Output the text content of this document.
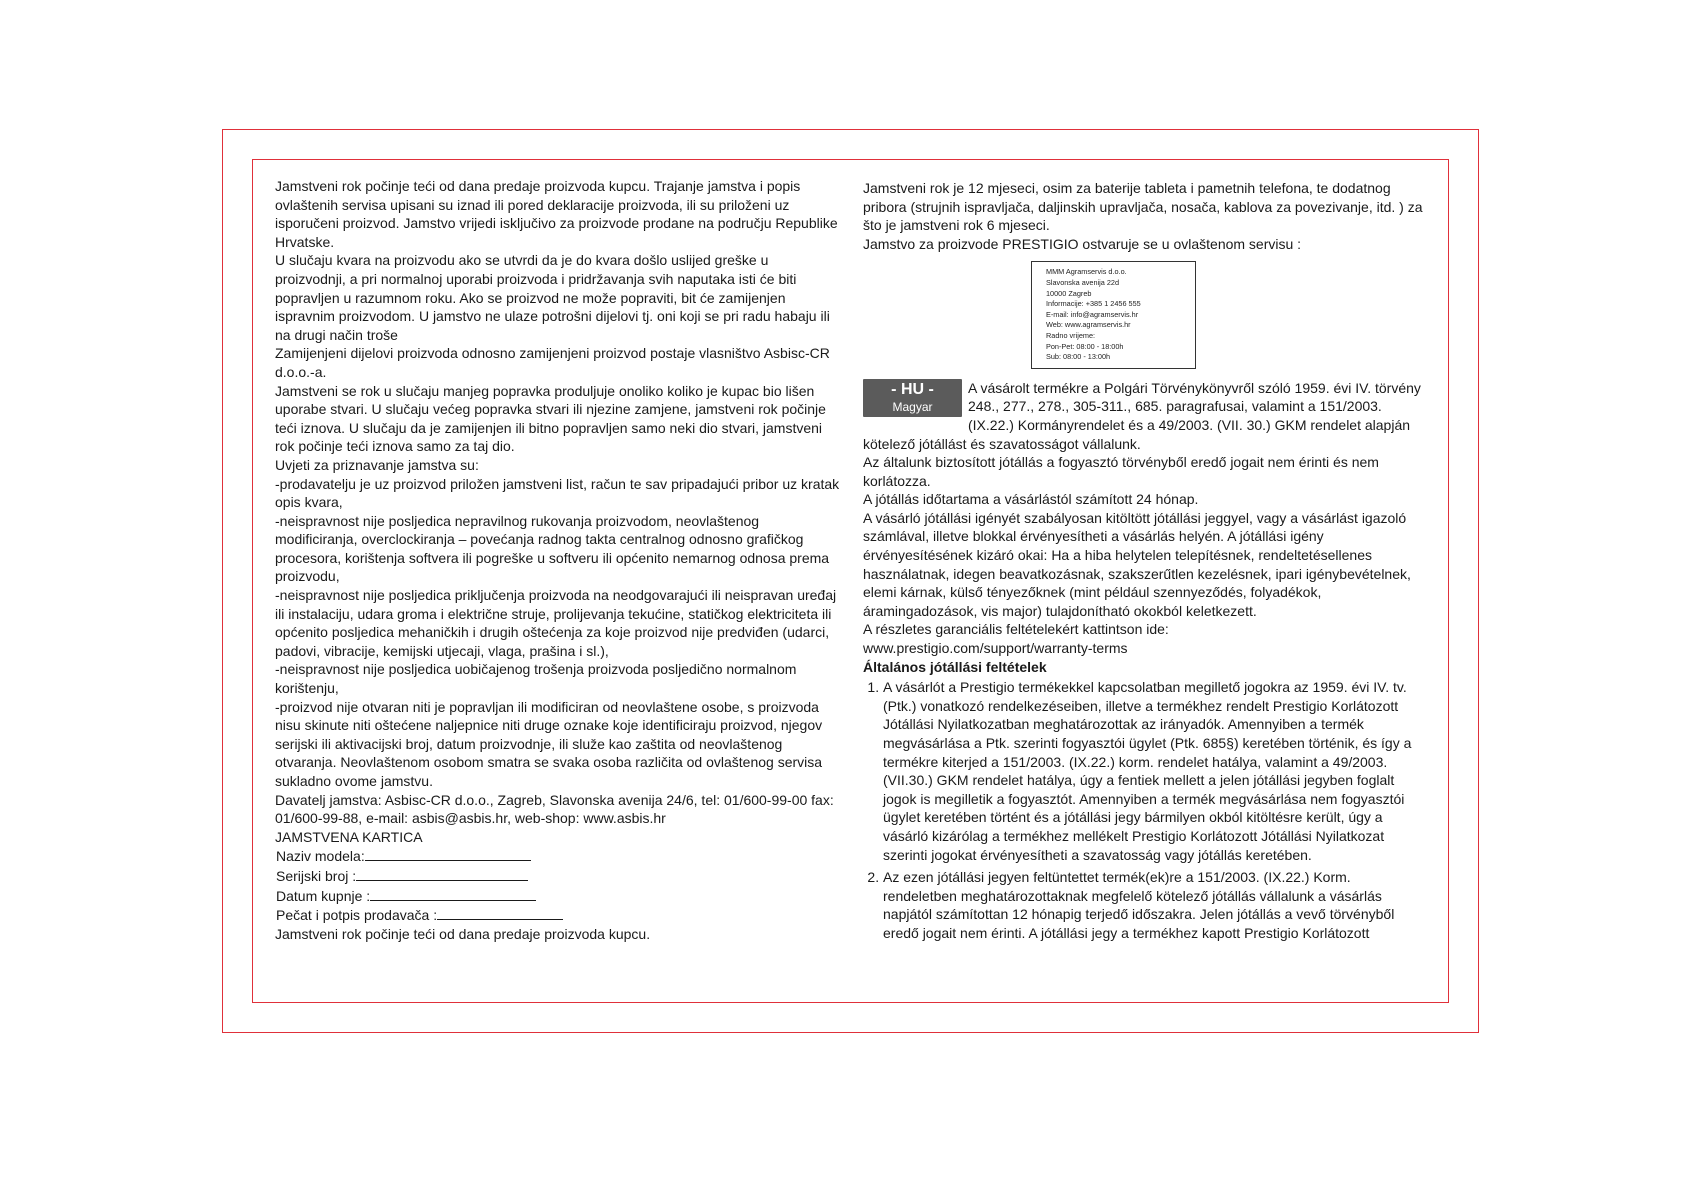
Jamstveni rok počinje teći od dana predaje proizvoda kupcu. Trajanje jamstva i popis ovlaštenih servisa upisani su iznad ili pored deklaracije proizvoda, ili su priloženi uz isporučeni proizvod. Jamstvo vrijedi isključivo za proizvode prodane na području Republike Hrvatske.

U slučaju kvara na proizvodu ako se utvrdi da je do kvara došlo uslijed greške u proizvodnji, a pri normalnoj uporabi proizvoda i pridržavanja svih naputaka isti će biti popravljen u razumnom roku. Ako se proizvod ne može popraviti, bit će zamijenjen ispravnim proizvodom. U jamstvo ne ulaze potrošni dijelovi tj. oni koji se pri radu habaju ili na drugi način troše

Zamijenjeni dijelovi proizvoda odnosno zamijenjeni proizvod postaje vlasništvo Asbisc-CR d.o.o.-a.

Jamstveni se rok u slučaju manjeg popravka produljuje onoliko koliko je kupac bio lišen uporabe stvari. U slučaju većeg popravka stvari ili njezine zamjene, jamstveni rok počinje teći iznova. U slučaju da je zamijenjen ili bitno popravljen samo neki dio stvari, jamstveni rok počinje teći iznova samo za taj dio.

Uvjeti za priznavanje jamstva su:

-prodavatelju je uz proizvod priložen jamstveni list, račun te sav pripadajući pribor uz kratak opis kvara,

-neispravnost nije posljedica nepravilnog rukovanja proizvodom, neovlaštenog modificiranja, overclockiranja – povećanja radnog takta centralnog odnosno grafičkog procesora, korištenja softvera ili pogreške u softveru ili općenito nemarnog odnosa prema proizvodu,

-neispravnost nije posljedica priključenja proizvoda na neodgovarajući ili neispravan uređaj ili instalaciju, udara groma i električne struje, prolijevanja tekućine, statičkog elektriciteta ili općenito posljedica mehaničkih i drugih oštećenja za koje proizvod nije predviđen (udarci, padovi, vibracije, kemijski utjecaji, vlaga, prašina i sl.),

-neispravnost nije posljedica uobičajenog trošenja proizvoda posljedično normalnom korištenju,

-proizvod nije otvaran niti je popravljan ili modificiran od neovlaštene osobe, s proizvoda nisu skinute niti oštećene naljepnice niti druge oznake koje identificiraju proizvod, njegov serijski ili aktivacijski broj, datum proizvodnje, ili služe kao zaštita od neovlaštenog otvaranja. Neovlaštenom osobom smatra se svaka osoba različita od ovlaštenog servisa sukladno ovome jamstvu.

Davatelj jamstva: Asbisc-CR d.o.o., Zagreb, Slavonska avenija 24/6, tel: 01/600-99-00 fax: 01/600-99-88, e-mail: asbis@asbis.hr, web-shop: www.asbis.hr

JAMSTVENA KARTICA

Naziv modela:
Serijski broj :
Datum kupnje :
Pečat i potpis prodavača :

Jamstveni rok počinje teći od dana predaje proizvoda kupcu.

Jamstveni rok je 12 mjeseci, osim za baterije tableta i pametnih telefona, te dodatnog pribora (strujnih ispravljača, daljinskih upravljača, nosača, kablova za povezivanje, itd. ) za što je jamstveni rok 6 mjeseci.

Jamstvo za proizvode PRESTIGIO ostvaruje se u ovlaštenom servisu :

MMM Agramservis d.o.o.
Slavonska avenija 22d
10000 Zagreb
Informacije: +385 1 2456 555
E-mail: info@agramservis.hr
Web: www.agramservis.hr
Radno vrijeme:
Pon-Pet: 08:00 - 18:00h
Sub: 08:00 - 13:00h
- HU -
Magyar

A vásárolt termékre a Polgári Törvénykönyvről szóló 1959. évi IV. törvény 248., 277., 278., 305-311., 685. paragrafusai, valamint a 151/2003. (IX.22.) Kormányrendelet és a 49/2003. (VII. 30.) GKM rendelet alapján kötelező jótállást és szavatosságot vállalunk.

Az általunk biztosított jótállás a fogyasztó törvényből eredő jogait nem érinti és nem korlátozza.

A jótállás időtartama a vásárlástól számított 24 hónap.

A vásárló jótállási igényét szabályosan kitöltött jótállási jeggyel, vagy a vásárlást igazoló számlával, illetve blokkal érvényesítheti a vásárlás helyén. A jótállási igény érvényesítésének kizáró okai: Ha a hiba helytelen telepítésnek, rendeltetésellenes használatnak, idegen beavatkozásnak, szakszerűtlen kezelésnek, ipari igénybevételnek, elemi kárnak, külső tényezőknek (mint például szennyeződés, folyadékok, áramingadozások, vis major) tulajdonítható okokból keletkezett.

A részletes garanciális feltételekért kattintson ide:

www.prestigio.com/support/warranty-terms

Általános jótállási feltételek

1. A vásárlót a Prestigio termékekkel kapcsolatban megillető jogokra az 1959. évi IV. tv. (Ptk.) vonatkozó rendelkezéseiben, illetve a termékhez rendelt Prestigio Korlátozott Jótállási Nyilatkozatban meghatározottak az irányadók. Amennyiben a termék megvásárlása a Ptk. szerinti fogyasztói ügylet (Ptk. 685§) keretében történik, és így a termékre kiterjed a 151/2003. (IX.22.) korm. rendelet hatálya, valamint a 49/2003. (VII.30.) GKM rendelet hatálya, úgy a fentiek mellett a jelen jótállási jegyben foglalt jogok is megilletik a fogyasztót. Amennyiben a termék megvásárlása nem fogyasztói ügylet keretében történt és a jótállási jegy bármilyen okból kitöltésre került, úgy a vásárló kizárólag a termékhez mellékelt Prestigio Korlátozott Jótállási Nyilatkozat szerinti jogokat érvényesítheti a szavatosság vagy jótállás keretében.
2. Az ezen jótállási jegyen feltüntettet termék(ek)re a 151/2003. (IX.22.) Korm. rendeletben meghatározottaknak megfelelő kötelező jótállás vállalunk a vásárlás napjától számítottan 12 hónapig terjedő időszakra. Jelen jótállás a vevő törvényből eredő jogait nem érinti. A jótállási jegy a termékhez kapott Prestigio Korlátozott
